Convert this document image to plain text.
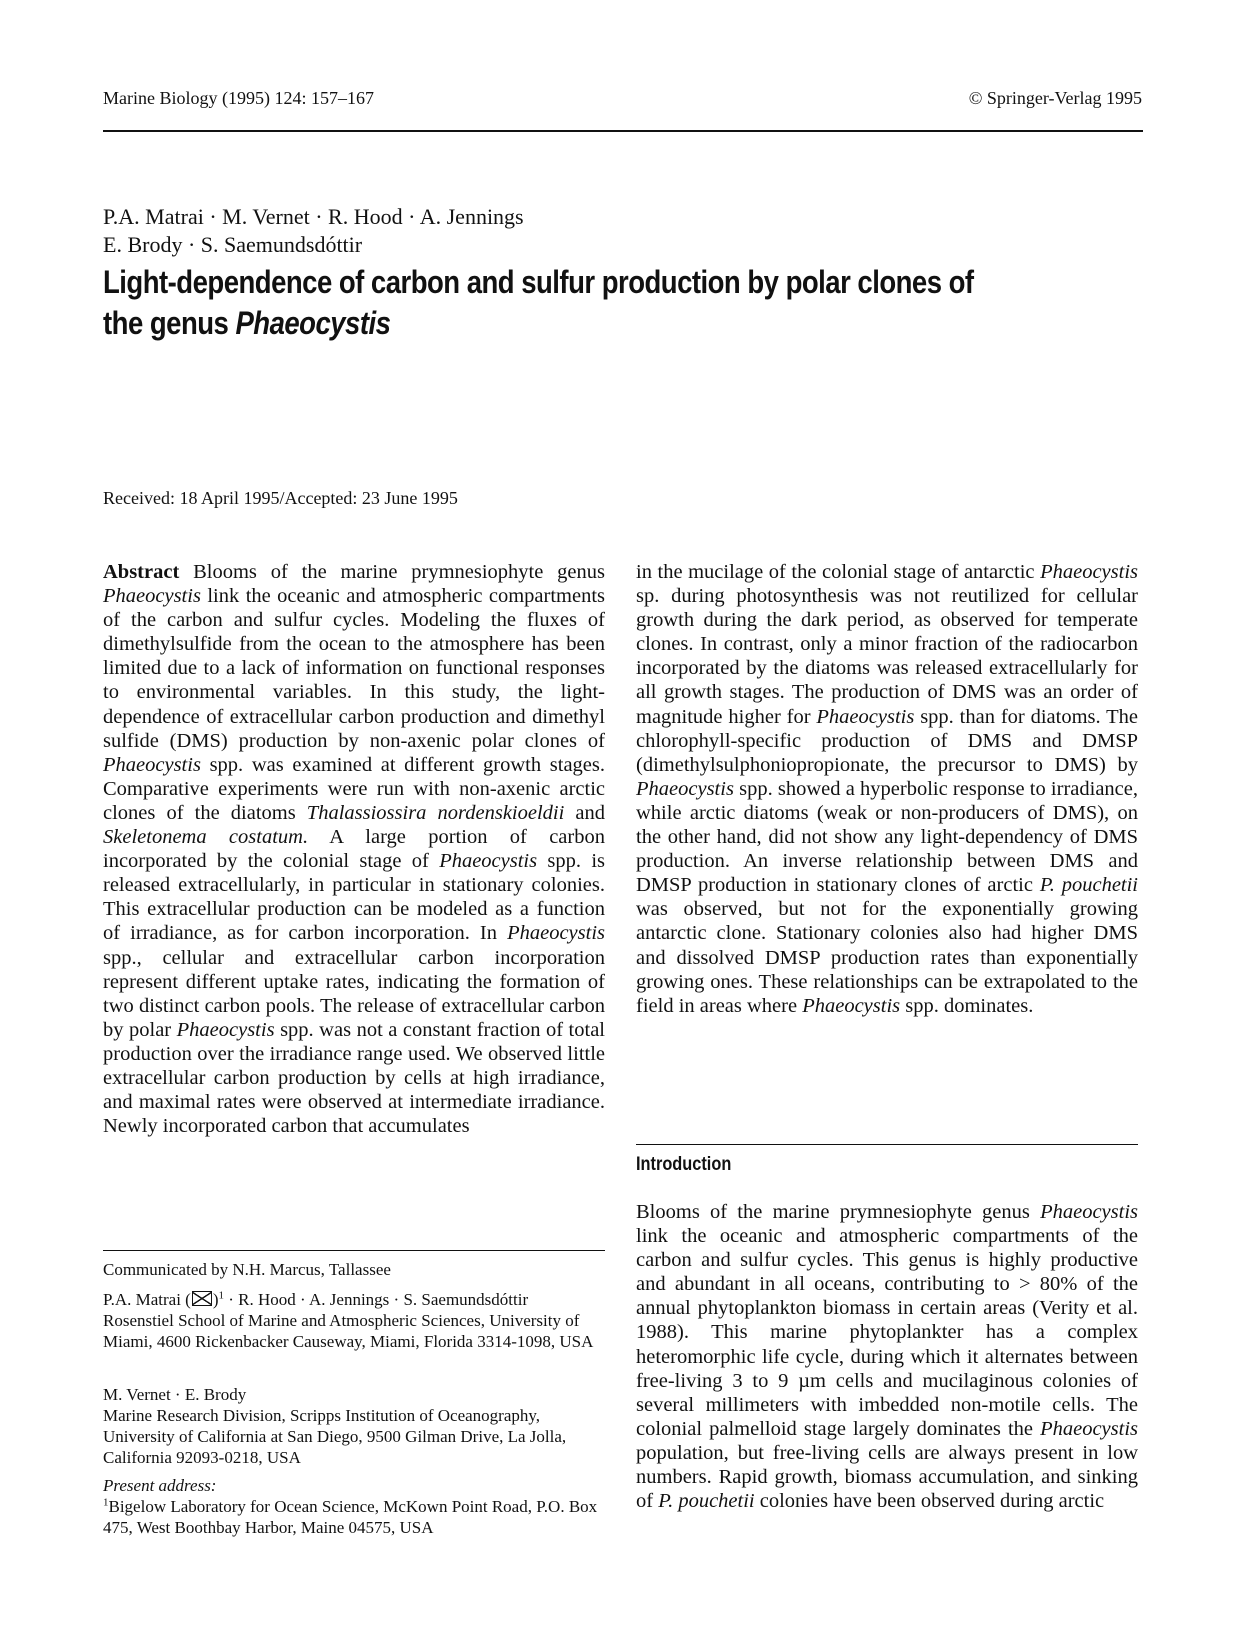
Marine Biology (1995) 124: 157–167	© Springer-Verlag 1995
P.A. Matrai · M. Vernet · R. Hood · A. Jennings
E. Brody · S. Saemundsdóttir
Light-dependence of carbon and sulfur production by polar clones of the genus Phaeocystis
Received: 18 April 1995/Accepted: 23 June 1995

Abstract Blooms of the marine prymnesiophyte genus Phaeocystis link the oceanic and atmospheric compartments of the carbon and sulfur cycles. Modeling the fluxes of dimethylsulfide from the ocean to the atmosphere has been limited due to a lack of information on functional responses to environmental variables. In this study, the light-dependence of extracellular carbon production and dimethyl sulfide (DMS) production by non-axenic polar clones of Phaeocystis spp. was examined at different growth stages. Comparative experiments were run with non-axenic arctic clones of the diatoms Thalassiossira nordenskioeldii and Skeletonema costatum. A large portion of carbon incorporated by the colonial stage of Phaeocystis spp. is released extracellularly, in particular in stationary colonies. This extracellular production can be modeled as a function of irradiance, as for carbon incorporation. In Phaeocystis spp., cellular and extracellular carbon incorporation represent different uptake rates, indicating the formation of two distinct carbon pools. The release of extracellular carbon by polar Phaeocystis spp. was not a constant fraction of total production over the irradiance range used. We observed little extracellular carbon production by cells at high irradiance, and maximal rates were observed at intermediate irradiance. Newly incorporated carbon that accumulates

in the mucilage of the colonial stage of antarctic Phaeocystis sp. during photosynthesis was not reutilized for cellular growth during the dark period, as observed for temperate clones. In contrast, only a minor fraction of the radiocarbon incorporated by the diatoms was released extracellularly for all growth stages. The production of DMS was an order of magnitude higher for Phaeocystis spp. than for diatoms. The chlorophyll-specific production of DMS and DMSP (dimethylsulphoniopropionate, the precursor to DMS) by Phaeocystis spp. showed a hyperbolic response to irradiance, while arctic diatoms (weak or non-producers of DMS), on the other hand, did not show any light-dependency of DMS production. An inverse relationship between DMS and DMSP production in stationary clones of arctic P. pouchetii was observed, but not for the exponentially growing antarctic clone. Stationary colonies also had higher DMS and dissolved DMSP production rates than exponentially growing ones. These relationships can be extrapolated to the field in areas where Phaeocystis spp. dominates.

Introduction

Blooms of the marine prymnesiophyte genus Phaeocystis link the oceanic and atmospheric compartments of the carbon and sulfur cycles. This genus is highly productive and abundant in all oceans, contributing to > 80% of the annual phytoplankton biomass in certain areas (Verity et al. 1988). This marine phytoplankter has a complex heteromorphic life cycle, during which it alternates between free-living 3 to 9 µm cells and mucilaginous colonies of several millimeters with imbedded non-motile cells. The colonial palmelloid stage largely dominates the Phaeocystis population, but free-living cells are always present in low numbers. Rapid growth, biomass accumulation, and sinking of P. pouchetii colonies have been observed during arctic

Communicated by N.H. Marcus, Tallassee
P.A. Matrai ( )$^1$ · R. Hood · A. Jennings · S. Saemundsdóttir
Rosenstiel School of Marine and Atmospheric Sciences, University of Miami, 4600 Rickenbacker Causeway, Miami, Florida 3314-1098, USA
M. Vernet · E. Brody
Marine Research Division, Scripps Institution of Oceanography, University of California at San Diego, 9500 Gilman Drive, La Jolla, California 92093-0218, USA
Present address:
$^1$Bigelow Laboratory for Ocean Science, McKown Point Road, P.O. Box 475, West Boothbay Harbor, Maine 04575, USA
